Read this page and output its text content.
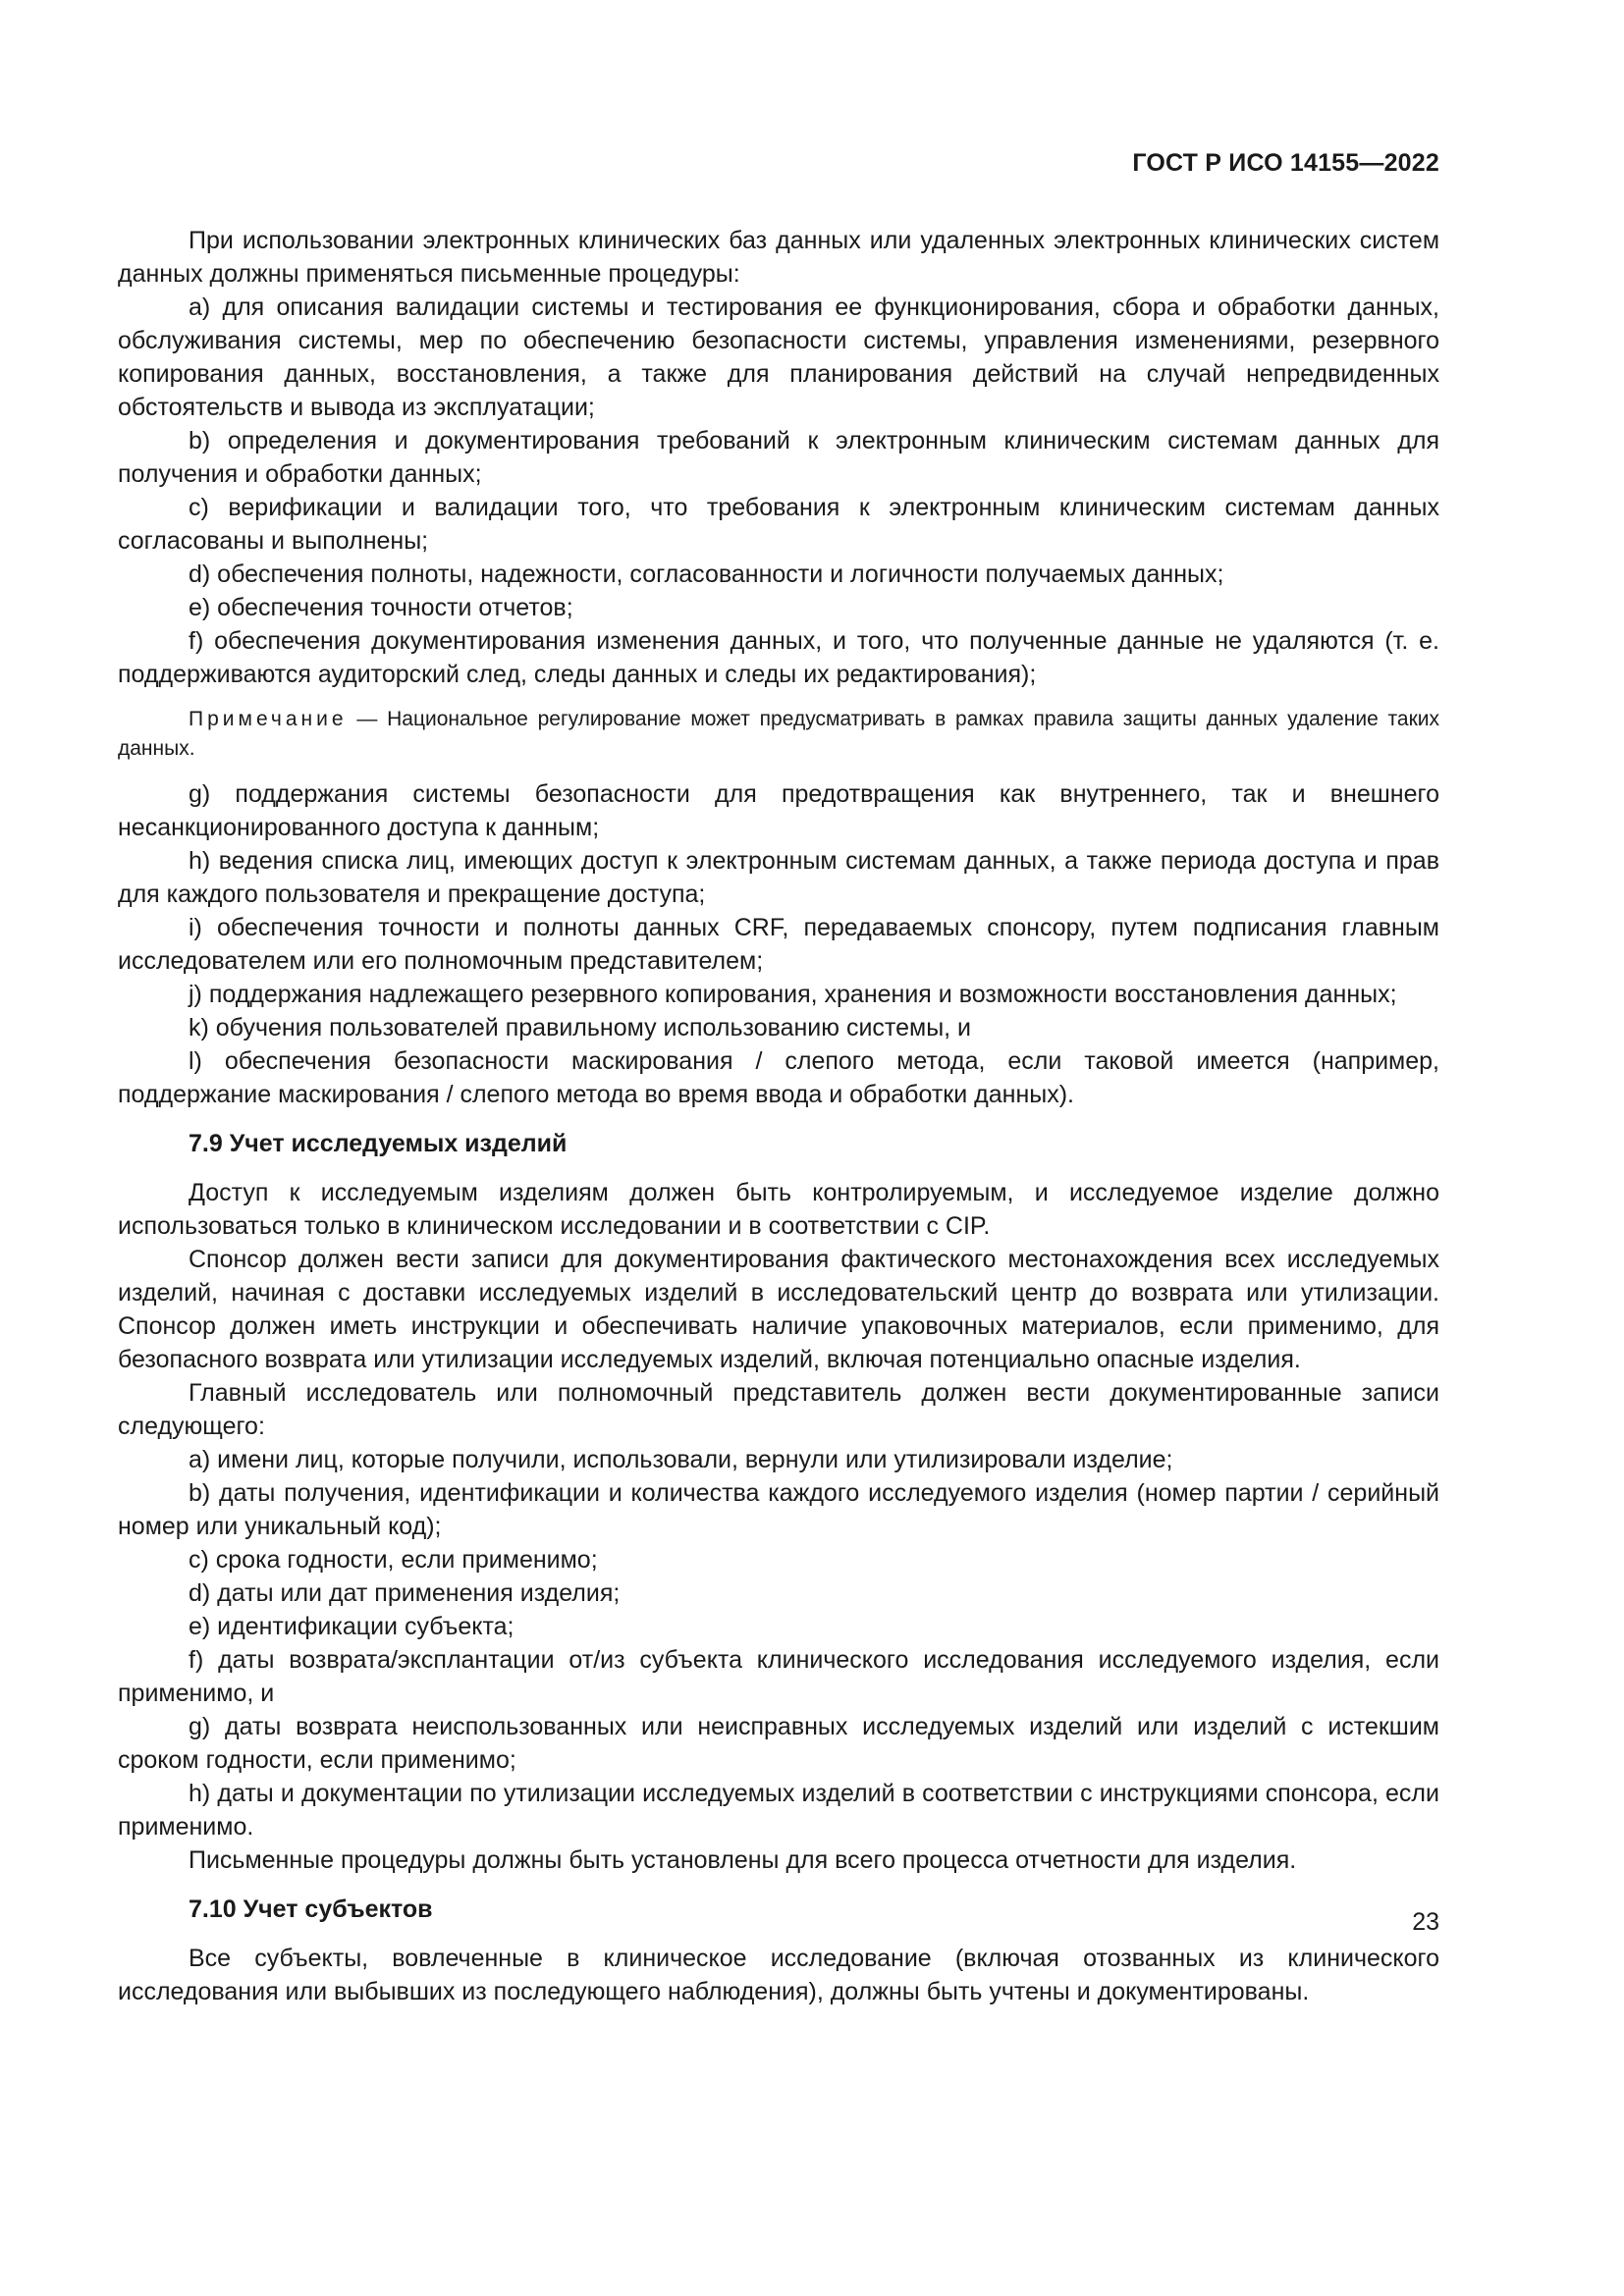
ГОСТ Р ИСО 14155—2022

При использовании электронных клинических баз данных или удаленных электронных клинических систем данных должны применяться письменные процедуры:

а) для описания валидации системы и тестирования ее функционирования, сбора и обработки данных, обслуживания системы, мер по обеспечению безопасности системы, управления изменениями, резервного копирования данных, восстановления, а также для планирования действий на случай непредвиденных обстоятельств и вывода из эксплуатации;

b) определения и документирования требований к электронным клиническим системам данных для получения и обработки данных;

c) верификации и валидации того, что требования к электронным клиническим системам данных согласованы и выполнены;

d) обеспечения полноты, надежности, согласованности и логичности получаемых данных;

e) обеспечения точности отчетов;

f) обеспечения документирования изменения данных, и того, что полученные данные не удаляются (т. е. поддерживаются аудиторский след, следы данных и следы их редактирования);

Примечание — Национальное регулирование может предусматривать в рамках правила защиты данных удаление таких данных.

g) поддержания системы безопасности для предотвращения как внутреннего, так и внешнего несанкционированного доступа к данным;

h) ведения списка лиц, имеющих доступ к электронным системам данных, а также периода доступа и прав для каждого пользователя и прекращение доступа;

i) обеспечения точности и полноты данных CRF, передаваемых спонсору, путем подписания главным исследователем или его полномочным представителем;

j) поддержания надлежащего резервного копирования, хранения и возможности восстановления данных;

k) обучения пользователей правильному использованию системы, и

l) обеспечения безопасности маскирования / слепого метода, если таковой имеется (например, поддержание маскирования / слепого метода во время ввода и обработки данных).

7.9 Учет исследуемых изделий

Доступ к исследуемым изделиям должен быть контролируемым, и исследуемое изделие должно использоваться только в клиническом исследовании и в соответствии с CIP.

Спонсор должен вести записи для документирования фактического местонахождения всех исследуемых изделий, начиная с доставки исследуемых изделий в исследовательский центр до возврата или утилизации. Спонсор должен иметь инструкции и обеспечивать наличие упаковочных материалов, если применимо, для безопасного возврата или утилизации исследуемых изделий, включая потенциально опасные изделия.

Главный исследователь или полномочный представитель должен вести документированные записи следующего:

a) имени лиц, которые получили, использовали, вернули или утилизировали изделие;

b) даты получения, идентификации и количества каждого исследуемого изделия (номер партии / серийный номер или уникальный код);

c) срока годности, если применимо;

d) даты или дат применения изделия;

e) идентификации субъекта;

f) даты возврата/эксплантации от/из субъекта клинического исследования исследуемого изделия, если применимо, и

g) даты возврата неиспользованных или неисправных исследуемых изделий или изделий с истекшим сроком годности, если применимо;

h) даты и документации по утилизации исследуемых изделий в соответствии с инструкциями спонсора, если применимо.

Письменные процедуры должны быть установлены для всего процесса отчетности для изделия.

7.10 Учет субъектов

Все субъекты, вовлеченные в клиническое исследование (включая отозванных из клинического исследования или выбывших из последующего наблюдения), должны быть учтены и документированы.

23
